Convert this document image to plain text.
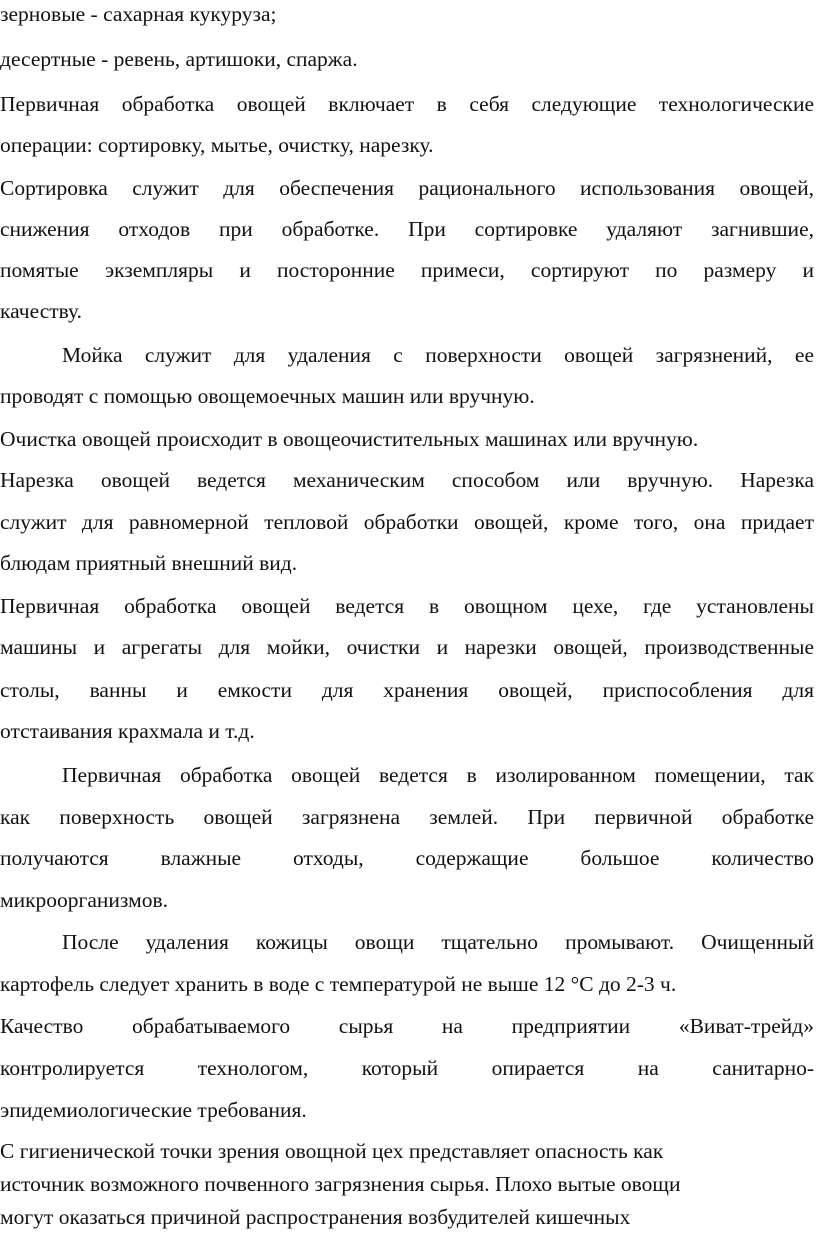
зерновые - сахарная кукуруза;
десертные - ревень, артишоки, спаржа.
Первичная обработка овощей включает в себя следующие технологические
операции: сортировку, мытье, очистку, нарезку.
Сортировка служит для обеспечения рационального использования овощей,
снижения отходов при обработке. При сортировке удаляют загнившие,
помятые экземпляры и посторонние примеси, сортируют по размеру и
качеству.
Мойка служит для удаления с поверхности овощей загрязнений, ее
проводят с помощью овощемоечных машин или вручную.
Очистка овощей происходит в овощеочистительных машинах или вручную.
Нарезка овощей ведется механическим способом или вручную. Нарезка
служит для равномерной тепловой обработки овощей, кроме того, она придает
блюдам приятный внешний вид.
Первичная обработка овощей ведется в овощном цехе, где установлены
машины и агрегаты для мойки, очистки и нарезки овощей, производственные
столы, ванны и емкости для хранения овощей, приспособления для
отстаивания крахмала и т.д.
Первичная обработка овощей ведется в изолированном помещении, так
как поверхность овощей загрязнена землей. При первичной обработке
получаются влажные отходы, содержащие большое количество
микроорганизмов.
После удаления кожицы овощи тщательно промывают. Очищенный
картофель следует хранить в воде с температурой не выше 12 °С до 2-3 ч.
Качество обрабатываемого сырья на предприятии «Виват-трейд»
контролируется технологом, который опирается на санитарно-
эпидемиологические требования.
С гигиенической точки зрения овощной цех представляет опасность как
источник возможного почвенного загрязнения сырья. Плохо вытые овощи
могут оказаться причиной распространения возбудителей кишечных
